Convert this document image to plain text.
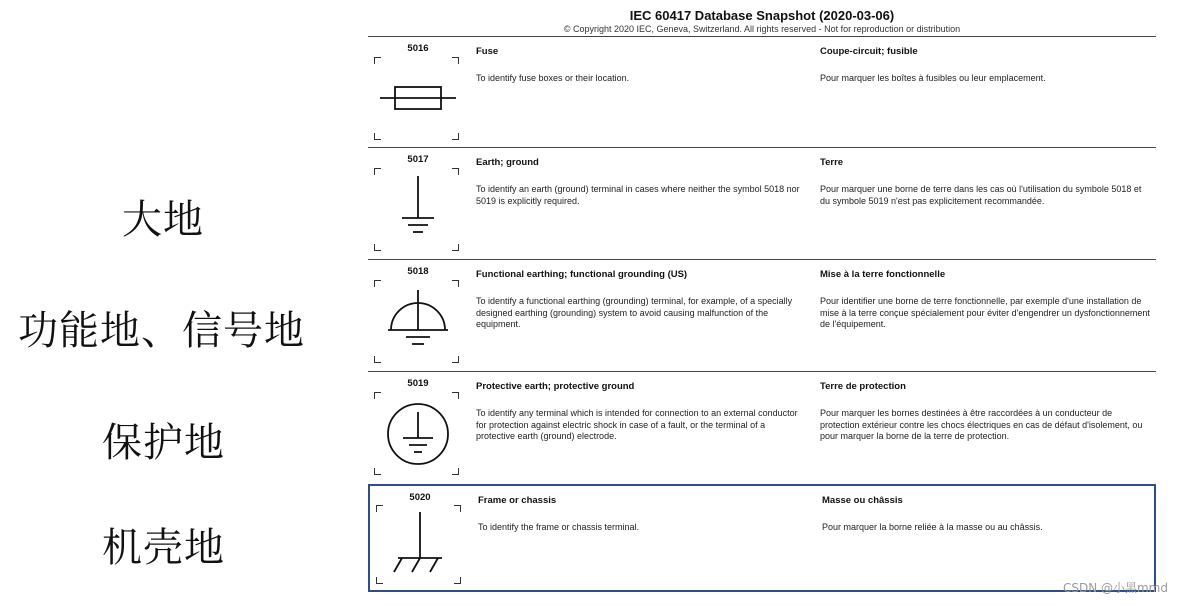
大地
功能地、信号地
保护地
机壳地
IEC 60417 Database Snapshot (2020-03-06)
© Copyright 2020 IEC, Geneva, Switzerland. All rights reserved - Not for reproduction or distribution
5016	Fuse
To identify fuse boxes or their location.
Coupe-circuit; fusible
Pour marquer les boîtes à fusibles ou leur emplacement.
5017	Earth; ground
To identify an earth (ground) terminal in cases where neither the symbol 5018 nor 5019 is explicitly required.
Terre
Pour marquer une borne de terre dans les cas où l'utilisation du symbole 5018 et du symbole 5019 n'est pas explicitement recommandée.
5018	Functional earthing; functional grounding (US)
To identify a functional earthing (grounding) terminal, for example, of a specially designed earthing (grounding) system to avoid causing malfunction of the equipment.
Mise à la terre fonctionnelle
Pour identifier une borne de terre fonctionnelle, par exemple d'une installation de mise à la terre conçue spécialement pour éviter d'engendrer un dysfonctionnement de l'équipement.
5019	Protective earth; protective ground
To identify any terminal which is intended for connection to an external conductor for protection against electric shock in case of a fault, or the terminal of a protective earth (ground) electrode.
Terre de protection
Pour marquer les bornes destinées à être raccordées à un conducteur de protection extérieur contre les chocs électriques en cas de défaut d'isolement, ou pour marquer la borne de la terre de protection.
5020	Frame or chassis
To identify the frame or chassis terminal.
Masse ou châssis
Pour marquer la borne reliée à la masse ou au châssis.
CSDN @小黑mmd
